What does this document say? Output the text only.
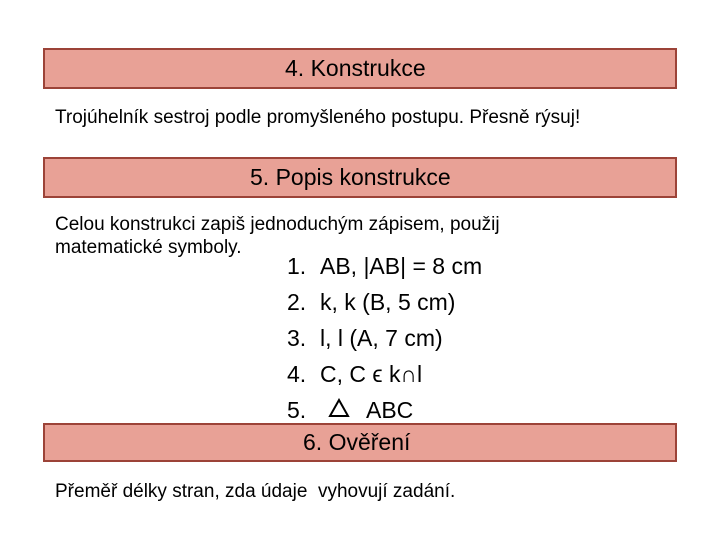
4. Konstrukce
Trojúhelník sestroj podle promyšleného postupu. Přesně rýsuj!
5. Popis konstrukce
Celou konstrukci zapiš jednoduchým zápisem, použij
matematické symboly.
1. AB, |AB| = 8 cm
2. k, k (B, 5 cm)
3. l, l (A, 7 cm)
4. C, C ϵ k∩l
5.	ABC
6. Ověření
Přeměř délky stran, zda údaje  vyhovují zadání.
